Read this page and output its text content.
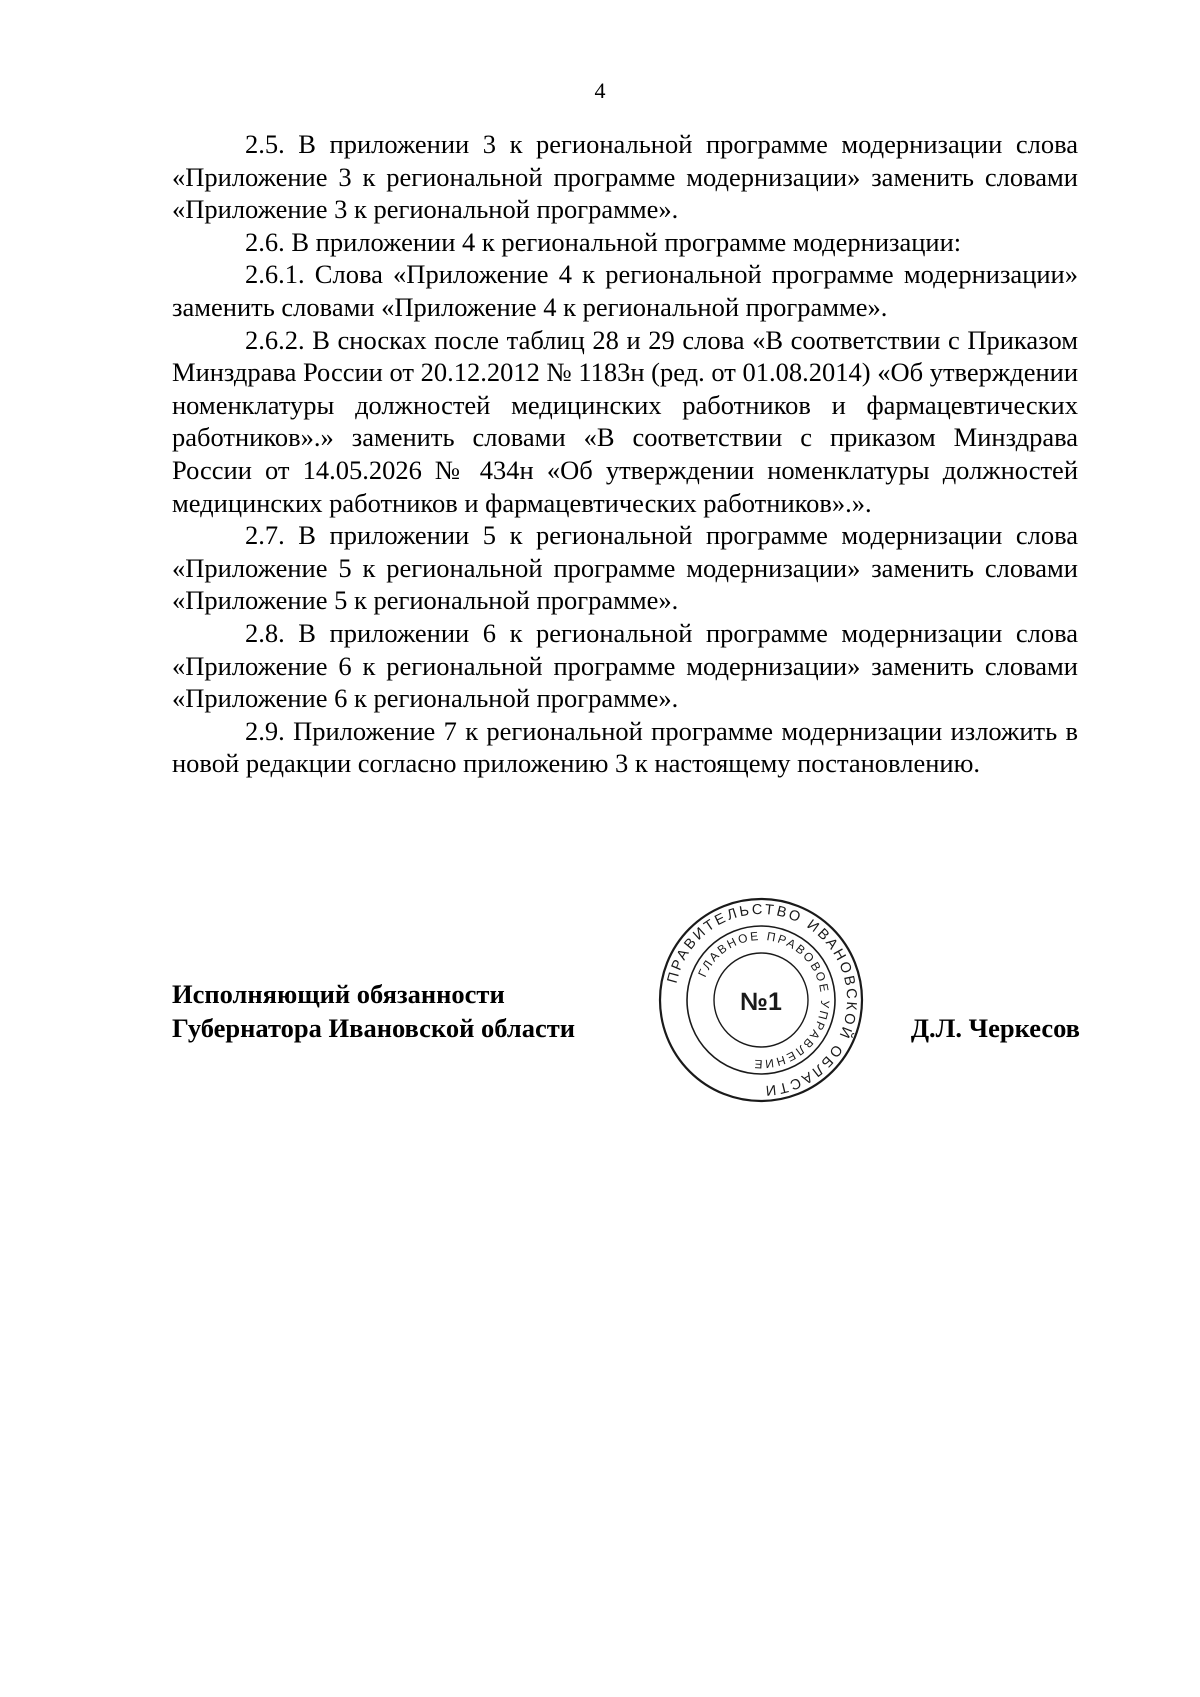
4

2.5. В приложении 3 к региональной программе модернизации слова «Приложение 3 к региональной программе модернизации» заменить словами «Приложение 3 к региональной программе».

2.6. В приложении 4 к региональной программе модернизации:

2.6.1. Слова «Приложение 4 к региональной программе модернизации» заменить словами «Приложение 4 к региональной программе».

2.6.2. В сносках после таблиц 28 и 29 слова «В соответствии с Приказом Минздрава России от 20.12.2012 № 1183н (ред. от 01.08.2014) «Об утверждении номенклатуры должностей медицинских работников и фармацевтических работников».» заменить словами «В соответствии с приказом Минздрава России от 14.05.2026 № 434н «Об утверждении номенклатуры должностей медицинских работников и фармацевтических работников».».

2.7. В приложении 5 к региональной программе модернизации слова «Приложение 5 к региональной программе модернизации» заменить словами «Приложение 5 к региональной программе».

2.8. В приложении 6 к региональной программе модернизации слова «Приложение 6 к региональной программе модернизации» заменить словами «Приложение 6 к региональной программе».

2.9. Приложение 7 к региональной программе модернизации изложить в новой редакции согласно приложению 3 к настоящему постановлению.

Исполняющий обязанности
Губернатора Ивановской области
ПРАВИТЕЛЬСТВО ИВАНОВСКОЙ ОБЛАСТИ
ГЛАВНОЕ ПРАВОВОЕ УПРАВЛЕНИЕ
№1
Д.Л. Черкесов
